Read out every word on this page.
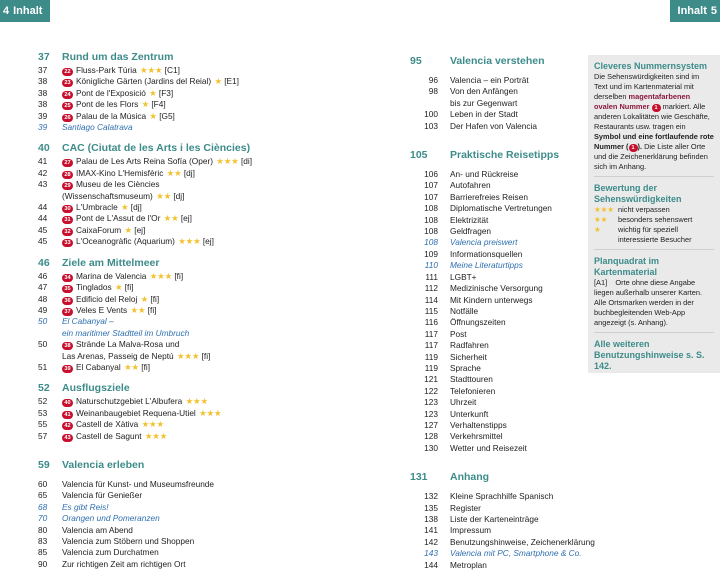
4 Inhalt	Inhalt 5
37	Rund um das Zentrum
37	22 Fluss-Park Túria ★★★ [C1]
38	23 Königliche Gärten (Jardins del Reial) ★ [E1]
38	24 Pont de l'Exposició ★ [F3]
38	25 Pont de les Flors ★ [F4]
39	26 Palau de la Música ★ [G5]
39	Santiago Calatrava
40	CAC (Ciutat de les Arts i les Ciències)
41	27 Palau de Les Arts Reina Sofía (Oper) ★★★ [di]
42	28 IMAX-Kino L'Hemisfèric ★★ [dj]
43	29 Museu de les Ciències
(Wissenschaftsmuseum) ★★ [dj]
44	30 L'Umbracle ★ [dj]
44	31 Pont de L'Assut de l'Or ★★ [ej]
45	32 CaixaForum ★ [ej]
45	33 L'Oceanogràfic (Aquarium) ★★★ [ej]
46	Ziele am Mittelmeer
46	34 Marina de Valencia ★★★ [fi]
47	35 Tinglados ★ [fi]
48	36 Edificio del Reloj ★ [fi]
49	37 Veles E Vents ★★ [fi]
50	El Cabanyal –
ein maritimer Stadtteil im Umbruch
50	38 Strände La Malva-Rosa und
Las Arenas, Passeig de Neptú ★★★ [fi]
51	39 El Cabanyal ★★ [fi]
52	Ausflugsziele
52	40 Naturschutzgebiet L'Albufera ★★★
53	41 Weinanbaugebiet Requena-Utiel ★★★
55	42 Castell de Xàtiva ★★★
57	43 Castell de Sagunt ★★★
59	Valencia erleben
60	Valencia für Kunst- und Museumsfreunde
65	Valencia für Genießer
68	Es gibt Reis!
70	Orangen und Pomeranzen
80	Valencia am Abend
83	Valencia zum Stöbern und Shoppen
85	Valencia zum Durchatmen
90	Zur richtigen Zeit am richtigen Ort
95	Valencia verstehen
96 Valencia – ein Porträt
98 Von den Anfängen
bis zur Gegenwart
100 Leben in der Stadt
103 Der Hafen von Valencia
105	Praktische Reisetipps
106 An- und Rückreise
107 Autofahren
107 Barrierefreies Reisen
108 Diplomatische Vertretungen
108 Elektrizität
108 Geldfragen
108 Valencia preiswert
109 Informationsquellen
110 Meine Literaturtipps
111 LGBT+
112 Medizinische Versorgung
114 Mit Kindern unterwegs
115 Notfälle
116 Öffnungszeiten
117 Post
117 Radfahren
119 Sicherheit
119 Sprache
121 Stadttouren
122 Telefonieren
123 Uhrzeit
123 Unterkunft
127 Verhaltenstipps
128 Verkehrsmittel
130 Wetter und Reisezeit
131	Anhang
132 Kleine Sprachhilfe Spanisch
135 Register
138 Liste der Karteneinträge
141 Impressum
142 Benutzungshinweise, Zeichenerklärung
143 Valencia mit PC, Smartphone & Co.
144 Metroplan
Cleveres Nummernsystem
Die Sehenswürdigkeiten sind im Text und im Kartenmaterial mit derselben magentafarbenen ovalen Nummer 1 markiert. Alle anderen Lokalitäten wie Geschäfte, Restaurants usw. tragen ein Symbol und eine fortlaufende rote Nummer ( 1 ). Die Liste aller Orte und die Zeichenerklärung befinden sich im Anhang.
Bewertung der Sehenswürdigkeiten
★★★ nicht verpassen
★★	besonders sehenswert
★	wichtig für speziell interessierte Besucher
Planquadrat im Kartenmaterial
[A1] Orte ohne diese Angabe liegen außerhalb unserer Karten. Alle Ortsmarken werden in der buchbegleitenden Web-App angezeigt (s. Anhang).
Alle weiteren Benutzungshinweise s. S. 142.
